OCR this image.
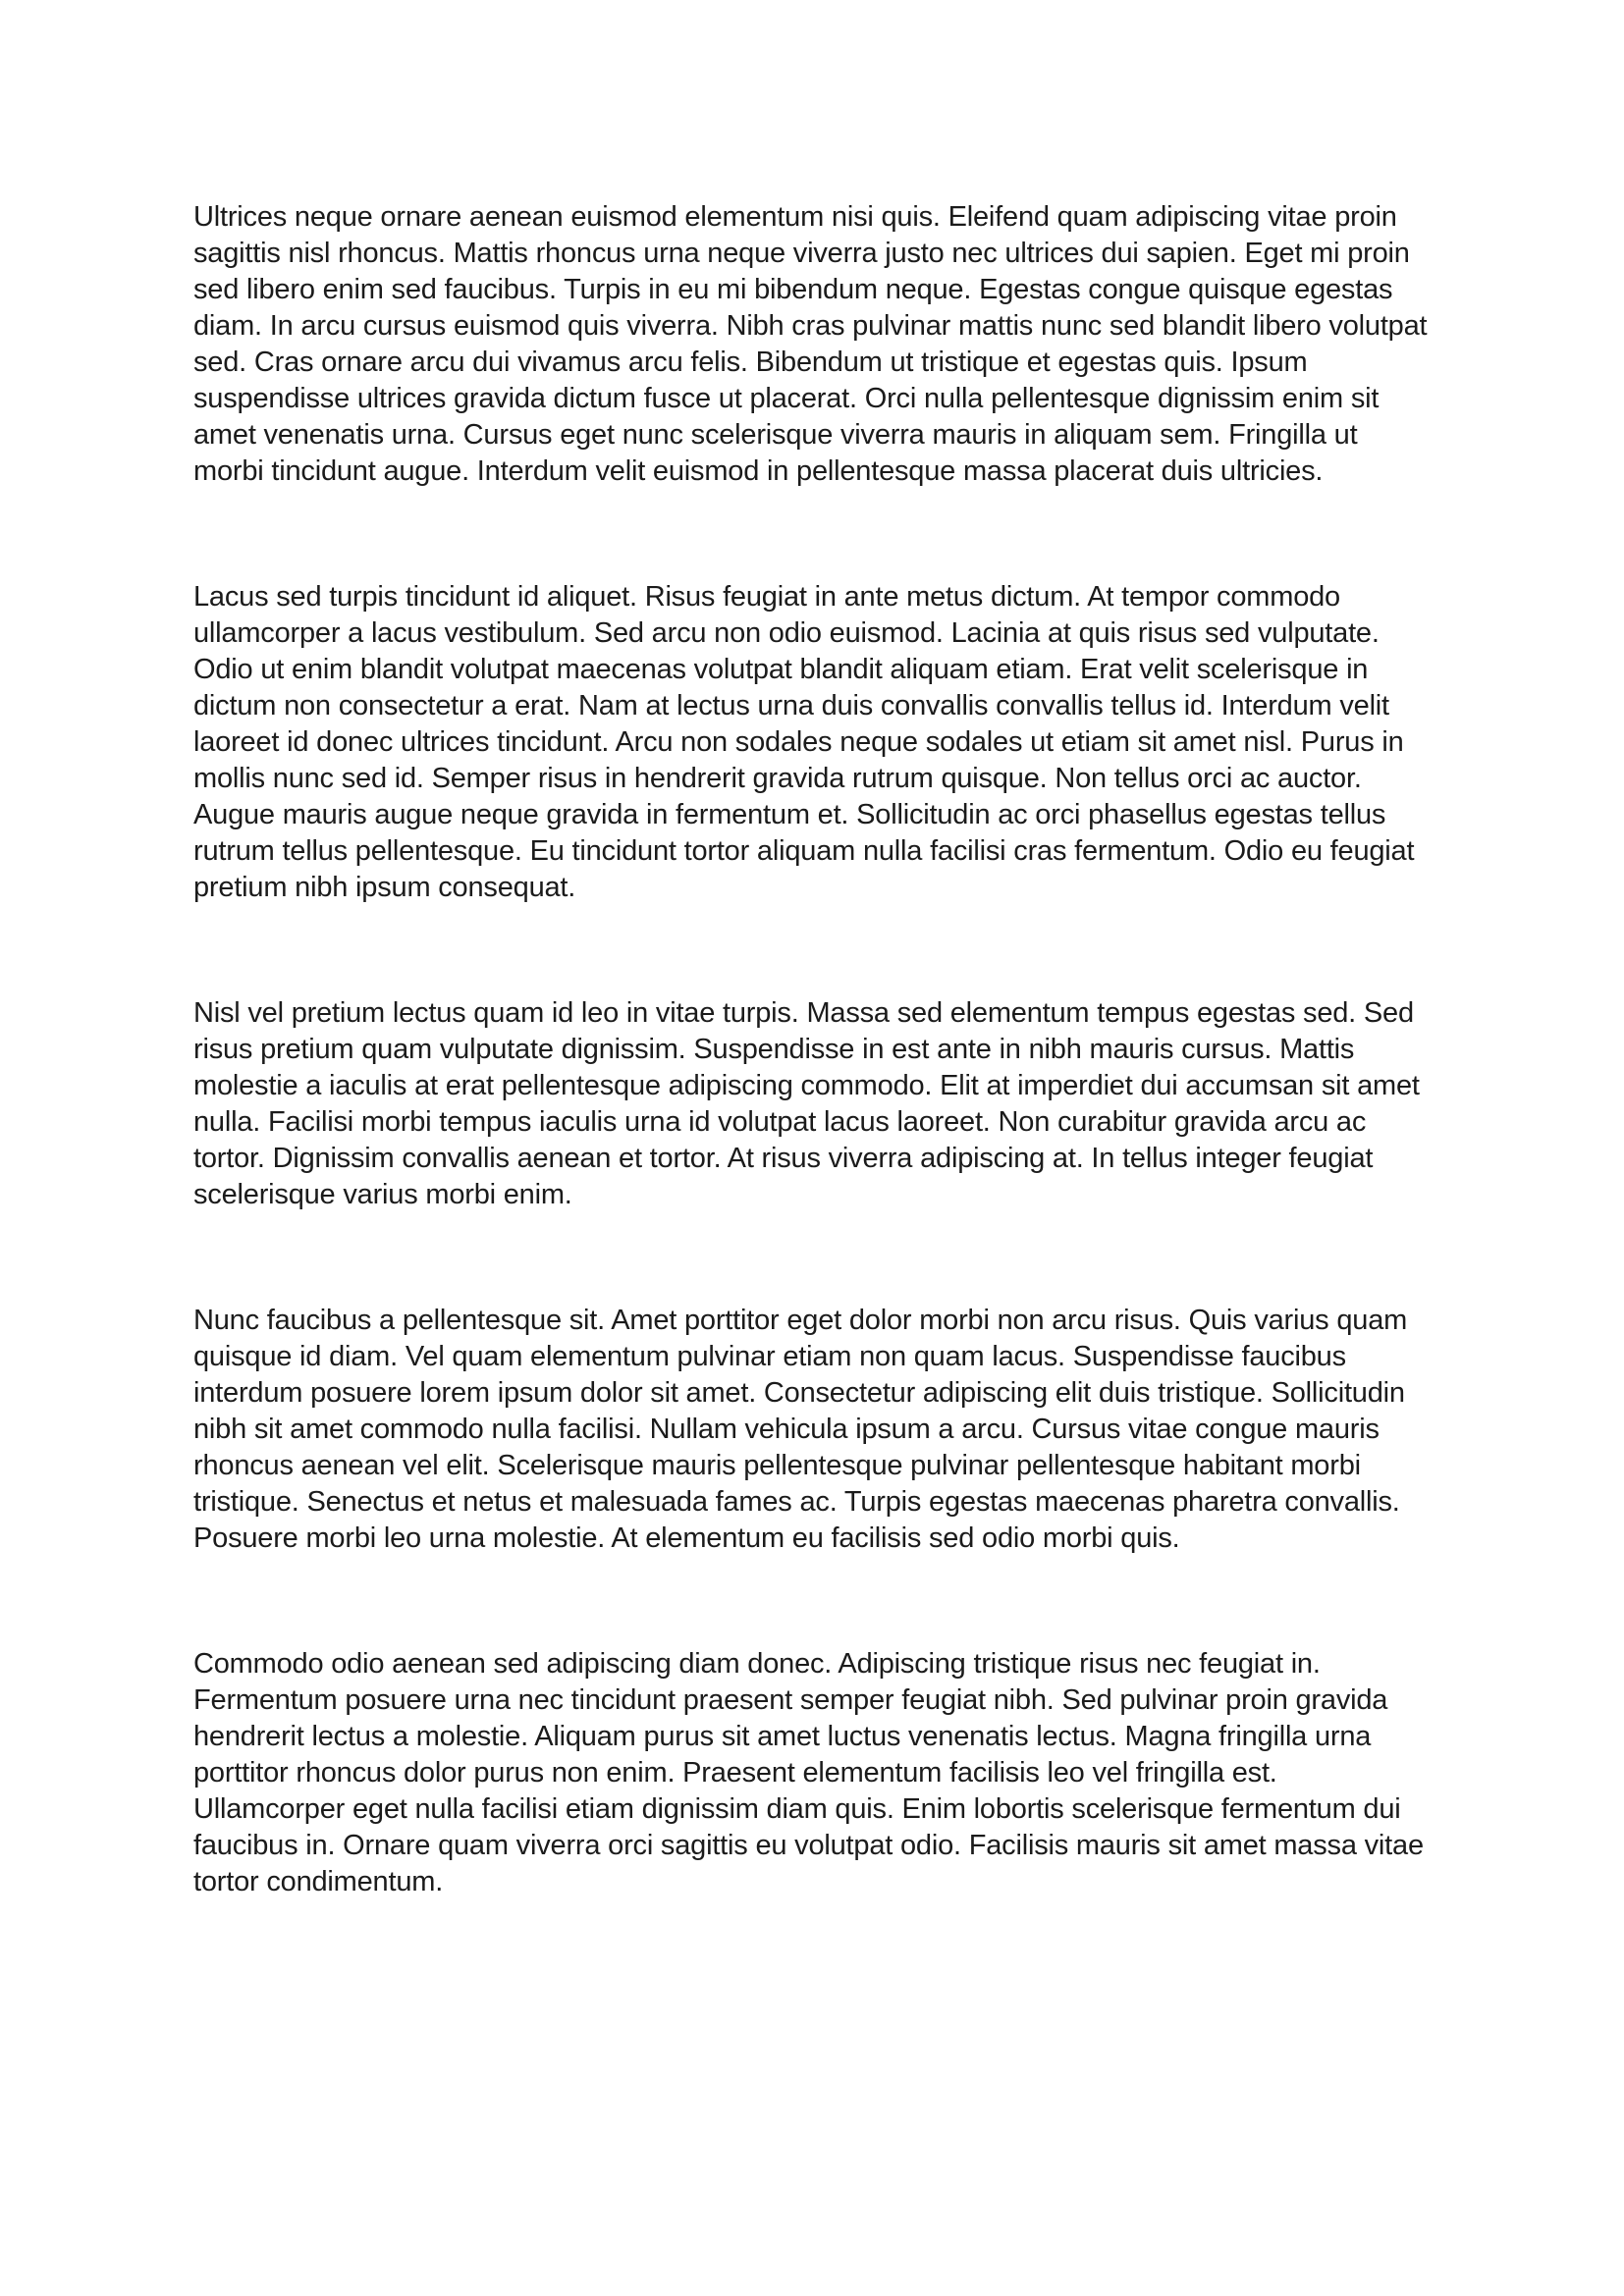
Ultrices neque ornare aenean euismod elementum nisi quis. Eleifend quam adipiscing vitae proin sagittis nisl rhoncus. Mattis rhoncus urna neque viverra justo nec ultrices dui sapien. Eget mi proin sed libero enim sed faucibus. Turpis in eu mi bibendum neque. Egestas congue quisque egestas diam. In arcu cursus euismod quis viverra. Nibh cras pulvinar mattis nunc sed blandit libero volutpat sed. Cras ornare arcu dui vivamus arcu felis. Bibendum ut tristique et egestas quis. Ipsum suspendisse ultrices gravida dictum fusce ut placerat. Orci nulla pellentesque dignissim enim sit amet venenatis urna. Cursus eget nunc scelerisque viverra mauris in aliquam sem. Fringilla ut morbi tincidunt augue. Interdum velit euismod in pellentesque massa placerat duis ultricies.

Lacus sed turpis tincidunt id aliquet. Risus feugiat in ante metus dictum. At tempor commodo ullamcorper a lacus vestibulum. Sed arcu non odio euismod. Lacinia at quis risus sed vulputate. Odio ut enim blandit volutpat maecenas volutpat blandit aliquam etiam. Erat velit scelerisque in dictum non consectetur a erat. Nam at lectus urna duis convallis convallis tellus id. Interdum velit laoreet id donec ultrices tincidunt. Arcu non sodales neque sodales ut etiam sit amet nisl. Purus in mollis nunc sed id. Semper risus in hendrerit gravida rutrum quisque. Non tellus orci ac auctor. Augue mauris augue neque gravida in fermentum et. Sollicitudin ac orci phasellus egestas tellus rutrum tellus pellentesque. Eu tincidunt tortor aliquam nulla facilisi cras fermentum. Odio eu feugiat pretium nibh ipsum consequat.

Nisl vel pretium lectus quam id leo in vitae turpis. Massa sed elementum tempus egestas sed. Sed risus pretium quam vulputate dignissim. Suspendisse in est ante in nibh mauris cursus. Mattis molestie a iaculis at erat pellentesque adipiscing commodo. Elit at imperdiet dui accumsan sit amet nulla. Facilisi morbi tempus iaculis urna id volutpat lacus laoreet. Non curabitur gravida arcu ac tortor. Dignissim convallis aenean et tortor. At risus viverra adipiscing at. In tellus integer feugiat scelerisque varius morbi enim.

Nunc faucibus a pellentesque sit. Amet porttitor eget dolor morbi non arcu risus. Quis varius quam quisque id diam. Vel quam elementum pulvinar etiam non quam lacus. Suspendisse faucibus interdum posuere lorem ipsum dolor sit amet. Consectetur adipiscing elit duis tristique. Sollicitudin nibh sit amet commodo nulla facilisi. Nullam vehicula ipsum a arcu. Cursus vitae congue mauris rhoncus aenean vel elit. Scelerisque mauris pellentesque pulvinar pellentesque habitant morbi tristique. Senectus et netus et malesuada fames ac. Turpis egestas maecenas pharetra convallis. Posuere morbi leo urna molestie. At elementum eu facilisis sed odio morbi quis.

Commodo odio aenean sed adipiscing diam donec. Adipiscing tristique risus nec feugiat in. Fermentum posuere urna nec tincidunt praesent semper feugiat nibh. Sed pulvinar proin gravida hendrerit lectus a molestie. Aliquam purus sit amet luctus venenatis lectus. Magna fringilla urna porttitor rhoncus dolor purus non enim. Praesent elementum facilisis leo vel fringilla est. Ullamcorper eget nulla facilisi etiam dignissim diam quis. Enim lobortis scelerisque fermentum dui faucibus in. Ornare quam viverra orci sagittis eu volutpat odio. Facilisis mauris sit amet massa vitae tortor condimentum.
